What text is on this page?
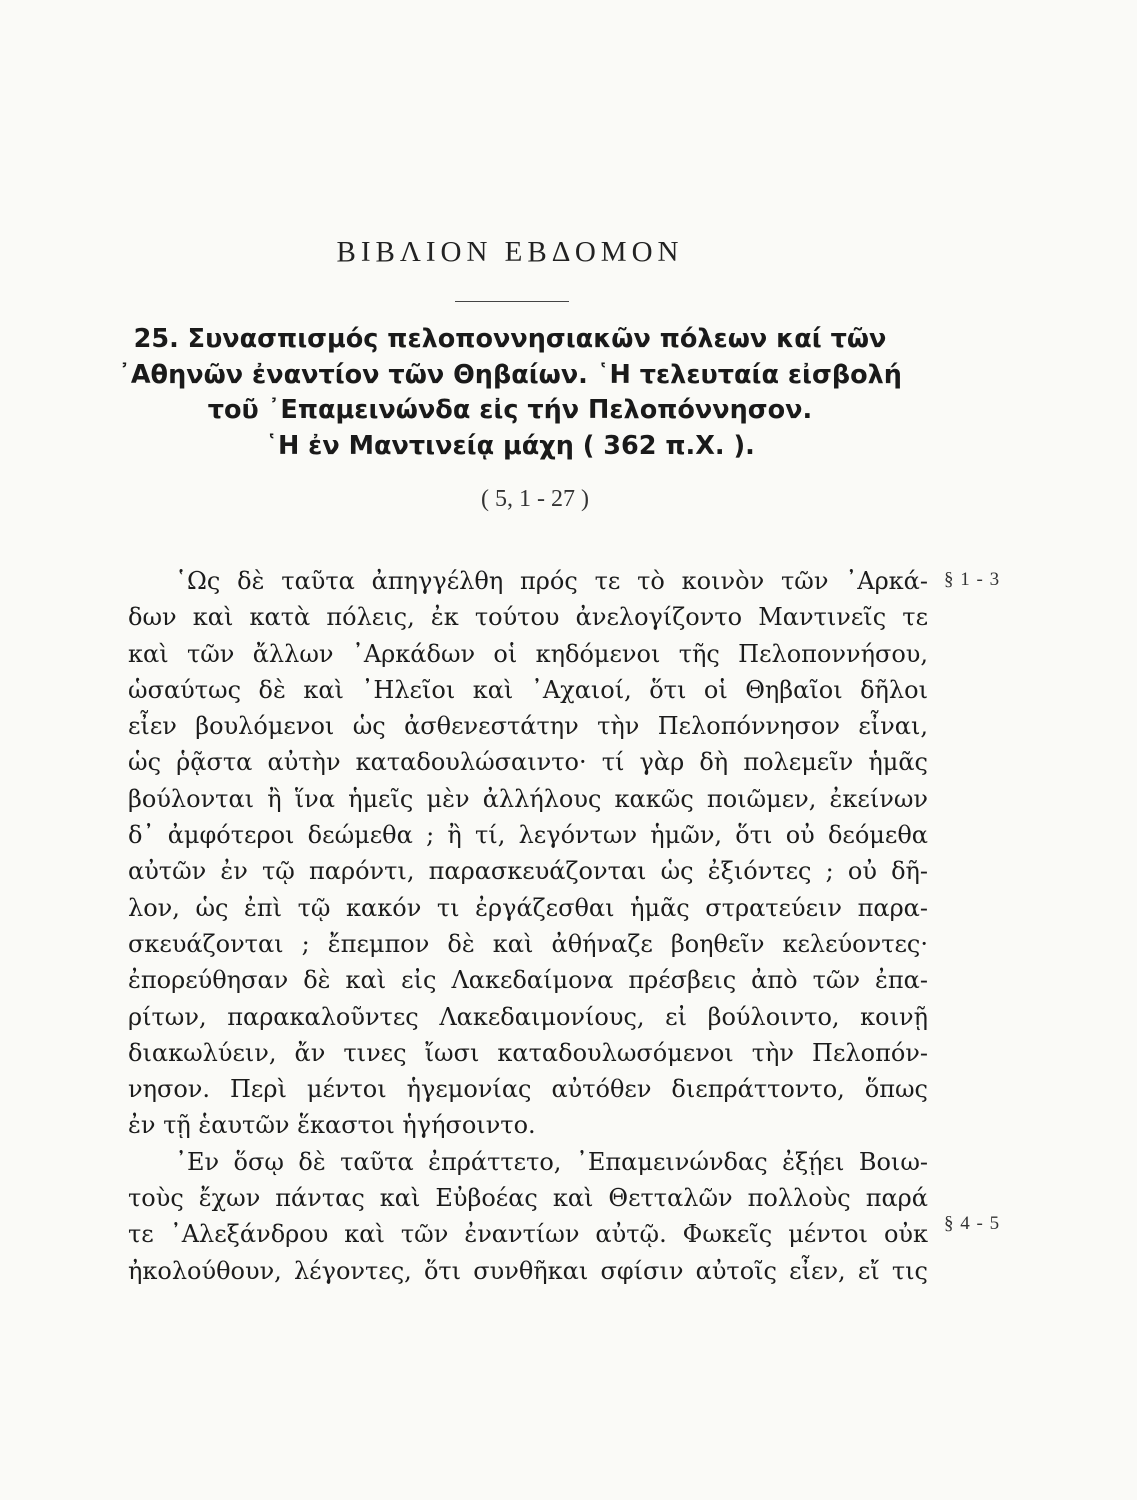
ΒΙΒΛΙΟΝ ΕΒΔΟΜΟΝ
25. Συνασπισμός πελοποννησιακῶν πόλεων καί τῶν
᾿Αθηνῶν ἐναντίον τῶν Θηβαίων. ῾Η τελευταία εἰσβολή
τοῦ ᾿Επαμεινώνδα εἰς τήν Πελοπόννησον.
῾Η ἐν Μαντινείᾳ μάχη ( 362 π.Χ. ).
( 5, 1 - 27 )
῾Ως δὲ ταῦτα ἀπηγγέλθη πρός τε τὸ κοινὸν τῶν ᾿Αρκά-
δων καὶ κατὰ πόλεις, ἐκ τούτου ἀνελογίζοντο Μαντινεῖς τε
καὶ τῶν ἄλλων ᾿Αρκάδων οἱ κηδόμενοι τῆς Πελοποννήσου,
ὡσαύτως δὲ καὶ ᾿Ηλεῖοι καὶ ᾿Αχαιοί, ὅτι οἱ Θηβαῖοι δῆλοι
εἶεν βουλόμενοι ὡς ἀσθενεστάτην τὴν Πελοπόννησον εἶναι,
ὡς ῥᾷστα αὐτὴν καταδουλώσαιντο· τί γὰρ δὴ πολεμεῖν ἡμᾶς
βούλονται ἢ ἵνα ἡμεῖς μὲν ἀλλήλους κακῶς ποιῶμεν, ἐκείνων
δ᾿ ἀμφότεροι δεώμεθα ; ἢ τί, λεγόντων ἡμῶν, ὅτι οὐ δεόμεθα
αὐτῶν ἐν τῷ παρόντι, παρασκευάζονται ὡς ἐξιόντες ; οὐ δῆ-
λον, ὡς ἐπὶ τῷ κακόν τι ἐργάζεσθαι ἡμᾶς στρατεύειν παρα-
σκευάζονται ; ἔπεμπον δὲ καὶ ἀθήναζε βοηθεῖν κελεύοντες·
ἐπορεύθησαν δὲ καὶ εἰς Λακεδαίμονα πρέσβεις ἀπὸ τῶν ἐπα-
ρίτων, παρακαλοῦντες Λακεδαιμονίους, εἰ βούλοιντο, κοινῇ
διακωλύειν, ἄν τινες ἴωσι καταδουλωσόμενοι τὴν Πελοπόν-
νησον. Περὶ μέντοι ἡγεμονίας αὐτόθεν διεπράττοντο, ὅπως
ἐν τῇ ἑαυτῶν ἕκαστοι ἡγήσοιντο.
᾿Εν ὅσῳ δὲ ταῦτα ἐπράττετο, ᾿Επαμεινώνδας ἐξῄει Βοιω-
τοὺς ἔχων πάντας καὶ Εὐβοέας καὶ Θετταλῶν πολλοὺς παρά
τε ᾿Αλεξάνδρου καὶ τῶν ἐναντίων αὐτῷ. Φωκεῖς μέντοι οὐκ
ἠκολούθουν, λέγοντες, ὅτι συνθῆκαι σφίσιν αὐτοῖς εἶεν, εἴ τις
§ 1 - 3
§ 4 - 5
